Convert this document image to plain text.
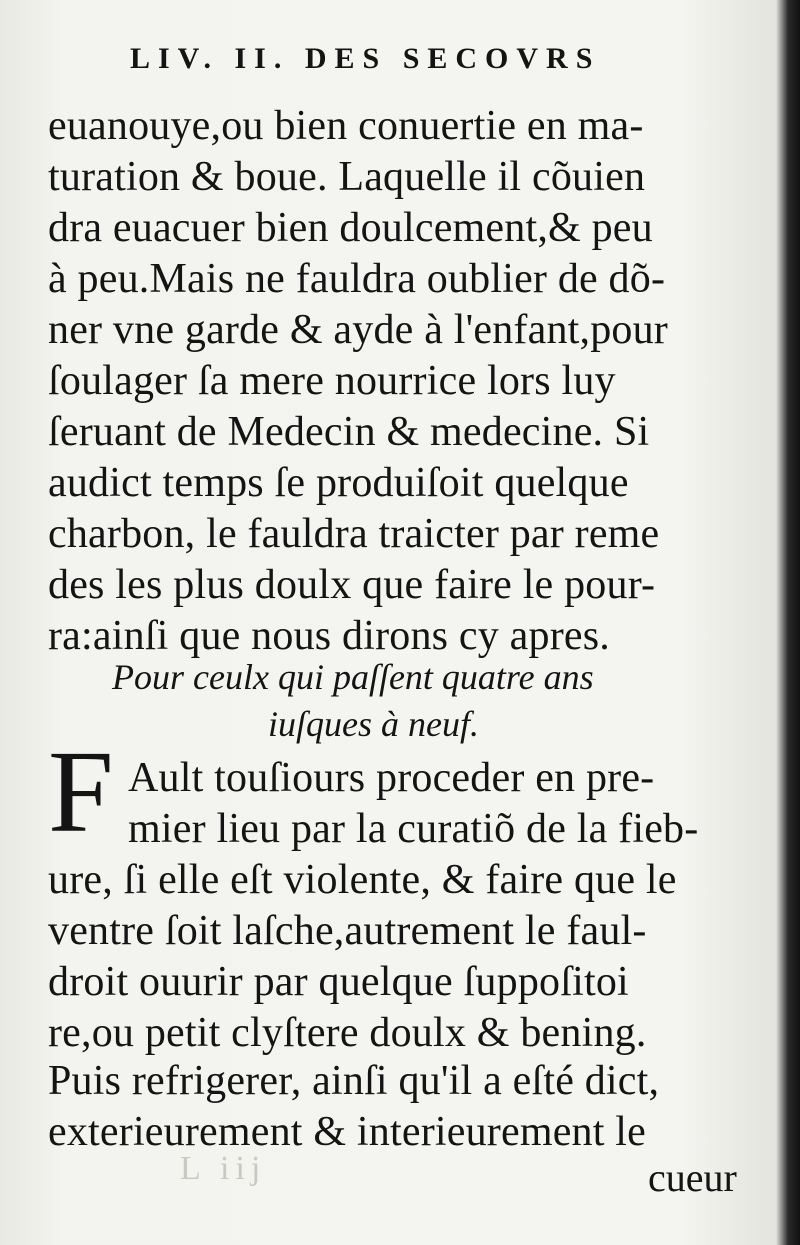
LIV. II. DES SECOVRS
euanouye,ou bien conuertie en ma-
turation & boue. Laquelle il cõuien
dra euacuer bien doulcement,& peu
à peu.Mais ne fauldra oublier de dõ-
ner vne garde & ayde à l'enfant,pour
ſoulager ſa mere nourrice lors luy
ſeruant de Medecin & medecine. Si
audict temps ſe produiſoit quelque
charbon, le fauldra traicter par reme
des les plus doulx que faire le pour-
ra:ainſi que nous dirons cy apres.
Pour ceulx qui paſſent quatre ans
iuſques à neuf.
F Ault touſiours proceder en pre-
mier lieu par la curatiõ de la fieb-
ure, ſi elle eſt violente, & faire que le
ventre ſoit laſche,autrement le faul-
droit ouurir par quelque ſuppoſitoi
re,ou petit clyſtere doulx & bening.
Puis refrigerer, ainſi qu'il a eſté dict,
exterieurement & interieurement le
L iij	cueur
